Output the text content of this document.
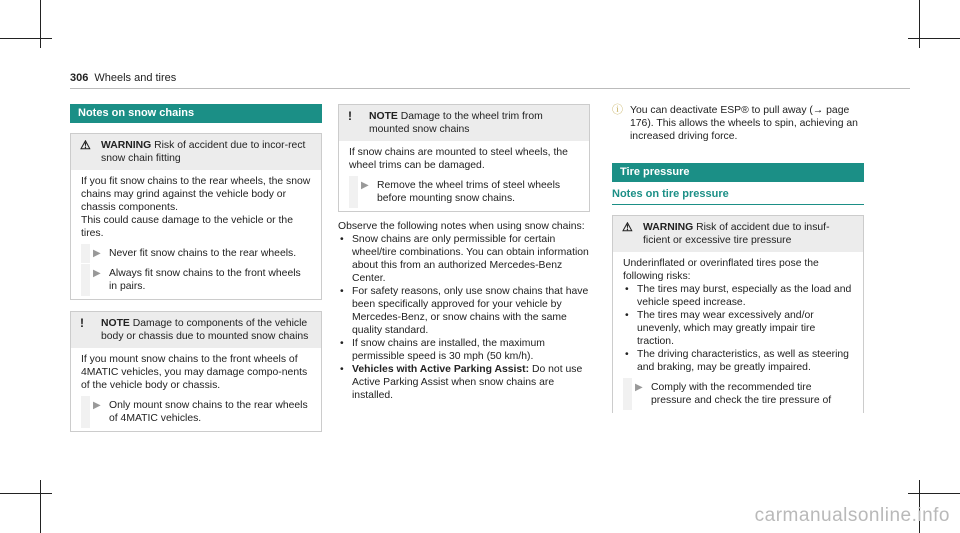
306 Wheels and tires
Notes on snow chains
⚠ WARNING Risk of accident due to incor-rect snow chain fitting

If you fit snow chains to the rear wheels, the snow chains may grind against the vehicle body or chassis components.

This could cause damage to the vehicle or the tires.

▶ Never fit snow chains to the rear wheels.
▶ Always fit snow chains to the front wheels in pairs.
! NOTE Damage to components of the vehicle body or chassis due to mounted snow chains

If you mount snow chains to the front wheels of 4MATIC vehicles, you may damage compo-nents of the vehicle body or chassis.

▶ Only mount snow chains to the rear wheels of 4MATIC vehicles.
! NOTE Damage to the wheel trim from mounted snow chains

If snow chains are mounted to steel wheels, the wheel trims can be damaged.

▶ Remove the wheel trims of steel wheels before mounting snow chains.

Observe the following notes when using snow chains:

• Snow chains are only permissible for certain wheel/tire combinations. You can obtain information about this from an authorized Mercedes-Benz Center.
• For safety reasons, only use snow chains that have been specifically approved for your vehicle by Mercedes-Benz, or snow chains with the same quality standard.
• If snow chains are installed, the maximum permissible speed is 30 mph (50 km/h).
• Vehicles with Active Parking Assist: Do not use Active Parking Assist when snow chains are installed.
ⓘ You can deactivate ESP® to pull away (→ page 176). This allows the wheels to spin, achieving an increased driving force.

Tire pressure
Notes on tire pressure
⚠ WARNING Risk of accident due to insuf-ficient or excessive tire pressure

Underinflated or overinflated tires pose the following risks:

• The tires may burst, especially as the load and vehicle speed increase.
• The tires may wear excessively and/or unevenly, which may greatly impair tire traction.
• The driving characteristics, as well as steering and braking, may be greatly impaired.
▶ Comply with the recommended tire pressure and check the tire pressure of
carmanualsonline.info
